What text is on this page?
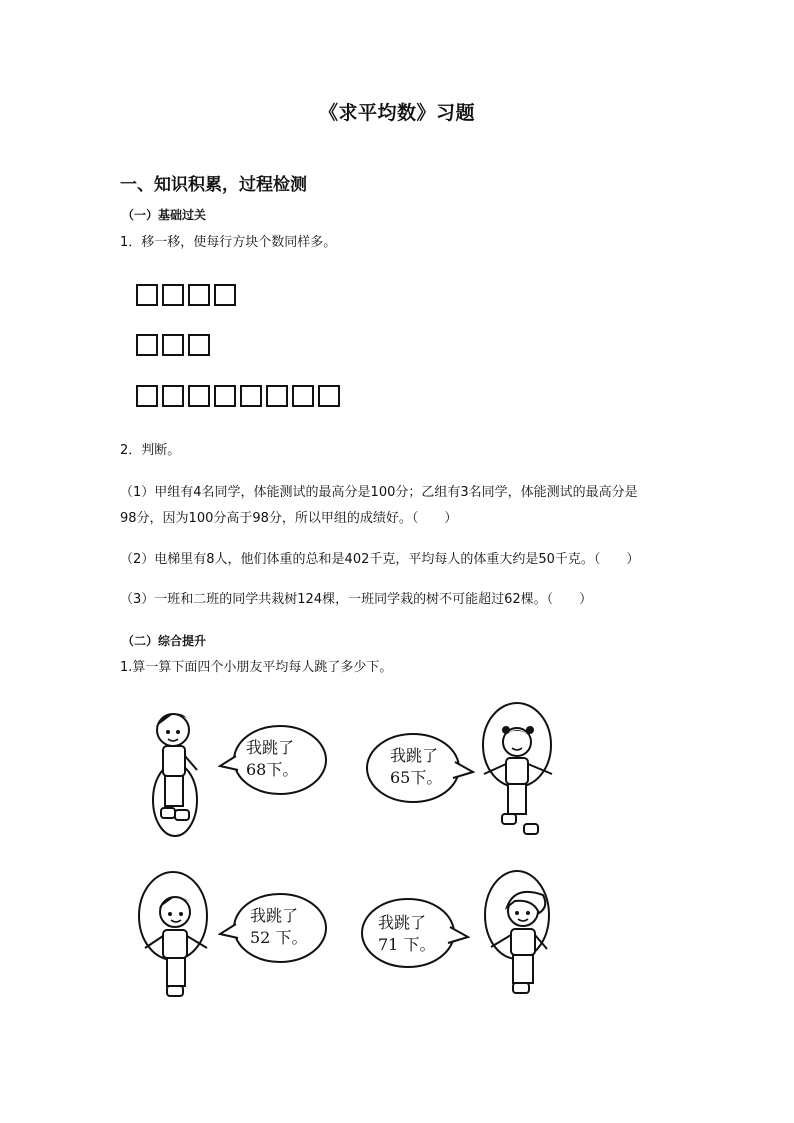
《求平均数》习题
一、知识积累，过程检测
（一）基础过关
1．移一移，使每行方块个数同样多。
2．判断。
（1）甲组有4名同学，体能测试的最高分是100分；乙组有3名同学，体能测试的最高分是
98分，因为100分高于98分，所以甲组的成绩好。（　　）
（2）电梯里有8人，他们体重的总和是402千克，平均每人的体重大约是50千克。（　　）
（3）一班和二班的同学共栽树124棵，一班同学栽的树不可能超过62棵。（　　）
（二）综合提升
1.算一算下面四个小朋友平均每人跳了多少下。
我跳了
68下。
我跳了
65下。
我跳了
52 下。
我跳了
71 下。
